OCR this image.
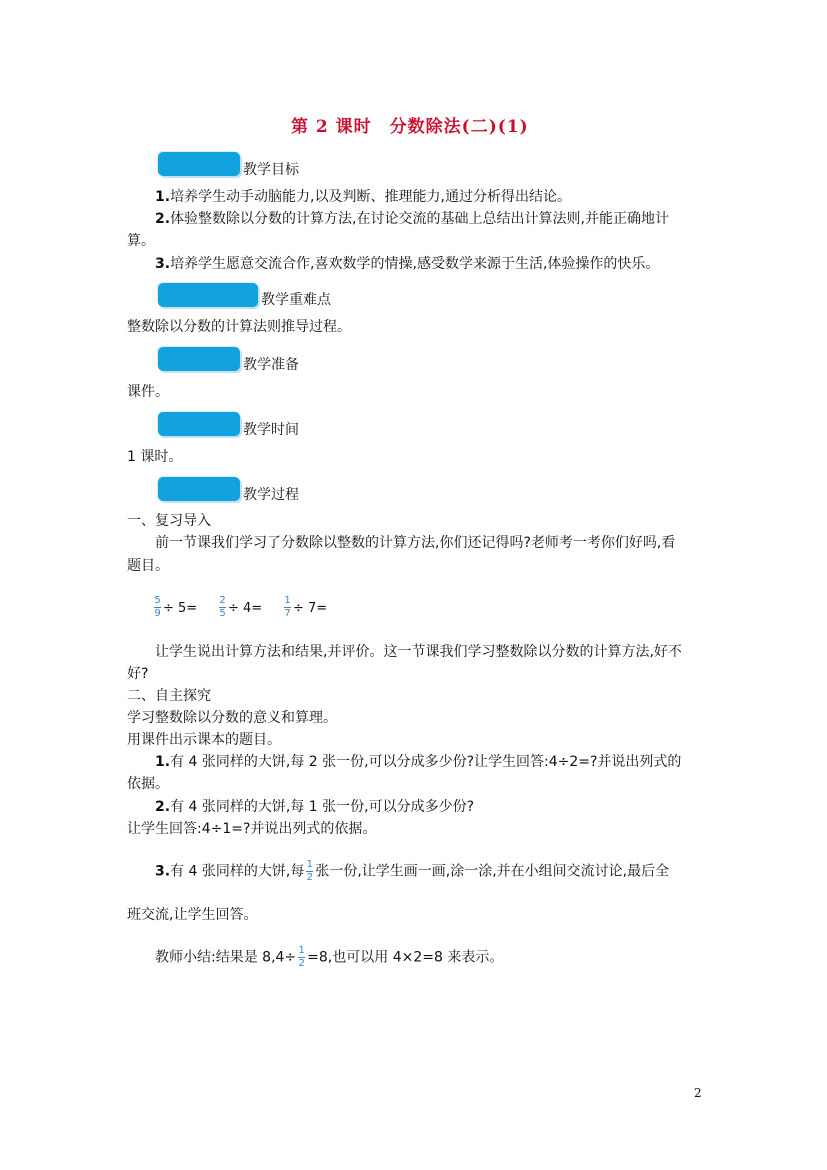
第 2 课时　分数除法(二)(1)
教学目标
1.培养学生动手动脑能力,以及判断、推理能力,通过分析得出结论。
2.体验整数除以分数的计算方法,在讨论交流的基础上总结出计算法则,并能正确地计
算。
3.培养学生愿意交流合作,喜欢数学的情操,感受数学来源于生活,体验操作的快乐。
教学重难点
整数除以分数的计算法则推导过程。
教学准备
课件。
教学时间
1 课时。
教学过程
一、复习导入
前一节课我们学习了分数除以整数的计算方法,你们还记得吗?老师考一考你们好吗,看
题目。
$\frac{5}{9} \div 5= \frac{2}{5} \div 4= \frac{1}{7} \div 7=$
让学生说出计算方法和结果,并评价。这一节课我们学习整数除以分数的计算方法,好不
好?
二、自主探究
学习整数除以分数的意义和算理。
用课件出示课本的题目。
1.有 4 张同样的大饼,每 2 张一份,可以分成多少份?让学生回答:4÷2=?并说出列式的
依据。
2.有 4 张同样的大饼,每 1 张一份,可以分成多少份?
让学生回答:4÷1=?并说出列式的依据。
3.有 4 张同样的大饼,每 $\frac{1}{2}$ 张一份,让学生画一画,涂一涂,并在小组间交流讨论,最后全
班交流,让学生回答。
教师小结:结果是 $8,4\div \frac{1}{2} =8$,也可以用 4×2=8 来表示。
2
